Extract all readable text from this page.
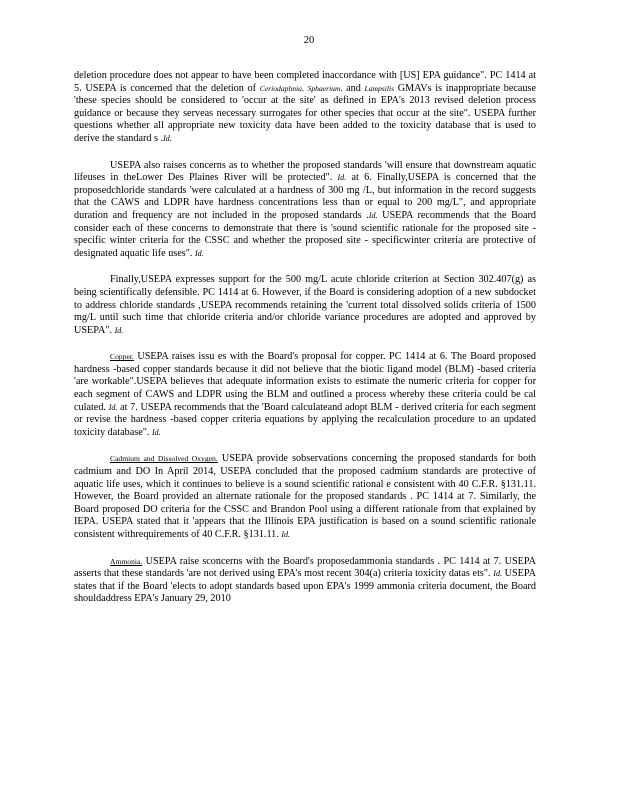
20

deletion procedure does not appear to have been completed inaccordance with [US] EPA guidance". PC 1414 at 5. USEPA is concerned that the deletion of Ceriodaphnia, Sphaerium, and Lampsilis GMAVs is inappropriate because 'these species should be considered to 'occur at the site' as defined in EPA's 2013 revised deletion process guidance or because they serveas necessary surrogates for other species that occur at the site". USEPA further questions whether all appropriate new toxicity data have been added to the toxicity database that is used to derive the standard s .Id.

USEPA also raises concerns as to whether the proposed standards 'will ensure that downstream aquatic lifeuses in theLower Des Plaines River will be protected". Id. at 6. Finally,USEPA is concerned that the proposedchloride standards 'were calculated at a hardness of 300 mg /L, but information in the record suggests that the CAWS and LDPR have hardness concentrations less than or equal to 200 mg/L", and appropriate duration and frequency are not included in the proposed standards .Id. USEPA recommends that the Board consider each of these concerns to demonstrate that there is 'sound scientific rationale for the proposed site - specific winter criteria for the CSSC and whether the proposed site - specificwinter criteria are protective of designated aquatic life uses". Id.

Finally,USEPA expresses support for the 500 mg/L acute chloride criterion at Section 302.407(g) as being scientifically defensible. PC 1414 at 6. However, if the Board is considering adoption of a new subdocket to address chloride standards ,USEPA recommends retaining the 'current total dissolved solids criteria of 1500 mg/L until such time that chloride criteria and/or chloride variance procedures are adopted and approved by USEPA". Id.

Copper. USEPA raises issu es with the Board's proposal for copper. PC 1414 at 6. The Board proposed hardness -based copper standards because it did not believe that the biotic ligand model (BLM) -based criteria 'are workable".USEPA believes that adequate information exists to estimate the numeric criteria for copper for each segment of CAWS and LDPR using the BLM and outlined a process whereby these criteria could be cal culated. Id. at 7. USEPA recommends that the 'Board calculateand adopt BLM - derived criteria for each segment or revise the hardness -based copper criteria equations by applying the recalculation procedure to an updated toxicity database". Id.

Cadmium and Dissolved Oxygen. USEPA provide sobservations concerning the proposed standards for both cadmium and DO In April 2014, USEPA concluded that the proposed cadmium standards are protective of aquatic life uses, which it continues to believe is a sound scientific rational e consistent with 40 C.F.R. §131.11. However, the Board provided an alternate rationale for the proposed standards . PC 1414 at 7. Similarly, the Board proposed DO criteria for the CSSC and Brandon Pool using a different rationale from that explained by IEPA. USEPA stated that it 'appears that the Illinois EPA justification is based on a sound scientific rationale consistent withrequirements of 40 C.F.R. §131.11. Id.

Ammonia. USEPA raise sconcerns with the Board's proposedammonia standards . PC 1414 at 7. USEPA asserts that these standards 'are not derived using EPA's most recent 304(a) criteria toxicity datas ets". Id. USEPA states that if the Board 'elects to adopt standards based upon EPA's 1999 ammonia criteria document, the Board shouldaddress EPA's January 29, 2010
